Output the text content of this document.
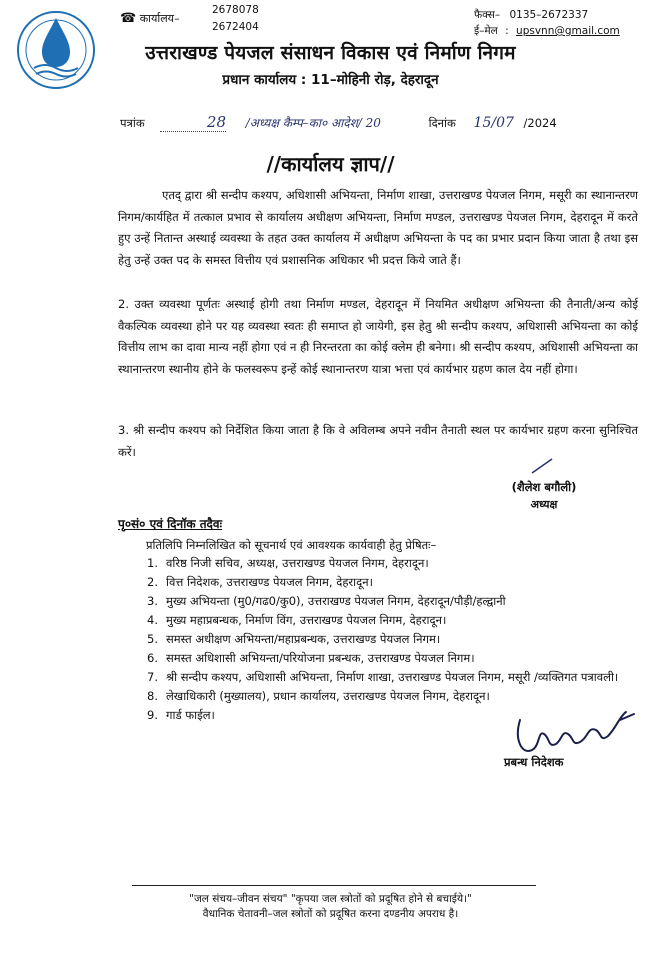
☎ कार्यालय–
2678078
2672404
फैक्स– 0135–2672337
ई–मेल : upsvnn@gmail.com
उत्तराखण्ड पेयजल संसाधन विकास एवं निर्माण निगम
प्रधान कार्यालय : 11–मोहिनी रोड़, देहरादून
पत्रांक	28 /अध्यक्ष कैम्प–का० आदेश/ 20	दिनांक 15/07 /2024
//कार्यालय ज्ञाप//
एतद् द्वारा श्री सन्दीप कश्यप, अधिशासी अभियन्ता, निर्माण शाखा, उत्तराखण्ड पेयजल निगम, मसूरी का स्थानान्तरण निगम/कार्यहित में तत्काल प्रभाव से कार्यालय अधीक्षण अभियन्ता, निर्माण मण्डल, उत्तराखण्ड पेयजल निगम, देहरादून में करते हुए उन्हें नितान्त अस्थाई व्यवस्था के तहत उक्त कार्यालय में अधीक्षण अभियन्ता के पद का प्रभार प्रदान किया जाता है तथा इस हेतु उन्हें उक्त पद के समस्त वित्तीय एवं प्रशासनिक अधिकार भी प्रदत्त किये जाते हैं।
2. उक्त व्यवस्था पूर्णतः अस्थाई होगी तथा निर्माण मण्डल, देहरादून में नियमित अधीक्षण अभियन्ता की तैनाती/अन्य कोई वैकल्पिक व्यवस्था होने पर यह व्यवस्था स्वतः ही समाप्त हो जायेगी, इस हेतु श्री सन्दीप कश्यप, अधिशासी अभियन्ता का कोई वित्तीय लाभ का दावा मान्य नहीं होगा एवं न ही निरन्तरता का कोई क्लेम ही बनेगा। श्री सन्दीप कश्यप, अधिशासी अभियन्ता का स्थानान्तरण स्थानीय होने के फलस्वरूप इन्हें कोई स्थानान्तरण यात्रा भत्ता एवं कार्यभार ग्रहण काल देय नहीं होगा।
3. श्री सन्दीप कश्यप को निर्देशित किया जाता है कि वे अविलम्ब अपने नवीन तैनाती स्थल पर कार्यभार ग्रहण करना सुनिश्चित करें।
(शैलेश बगौली)
अध्यक्ष
पृ०सं० एवं दिनॉक तदैवः
प्रतिलिपि निम्नलिखित को सूचनार्थ एवं आवश्यक कार्यवाही हेतु प्रेषितः–
1. वरिष्ठ निजी सचिव, अध्यक्ष, उत्तराखण्ड पेयजल निगम, देहरादून।
2. वित्त निदेशक, उत्तराखण्ड पेयजल निगम, देहरादून।
3. मुख्य अभियन्ता (मु0/गढ0/कु0), उत्तराखण्ड पेयजल निगम, देहरादून/पौड़ी/हल्द्वानी
4. मुख्य महाप्रबन्धक, निर्माण विंग, उत्तराखण्ड पेयजल निगम, देहरादून।
5. समस्त अधीक्षण अभियन्ता/महाप्रबन्धक, उत्तराखण्ड पेयजल निगम।
6. समस्त अधिशासी अभियन्ता/परियोजना प्रबन्धक, उत्तराखण्ड पेयजल निगम।
7. श्री सन्दीप कश्यप, अधिशासी अभियन्ता, निर्माण शाखा, उत्तराखण्ड पेयजल निगम, मसूरी /व्यक्तिगत पत्रावली।
8. लेखाधिकारी (मुख्यालय), प्रधान कार्यालय, उत्तराखण्ड पेयजल निगम, देहरादून।
9. गार्ड फाईल।
प्रबन्ध निदेशक
"जल संचय–जीवन संचय" "कृपया जल स्त्रोतों को प्रदूषित होने से बचाईये।"
वैधानिक चेतावनी–जल स्त्रोतों को प्रदूषित करना दण्डनीय अपराध है।
